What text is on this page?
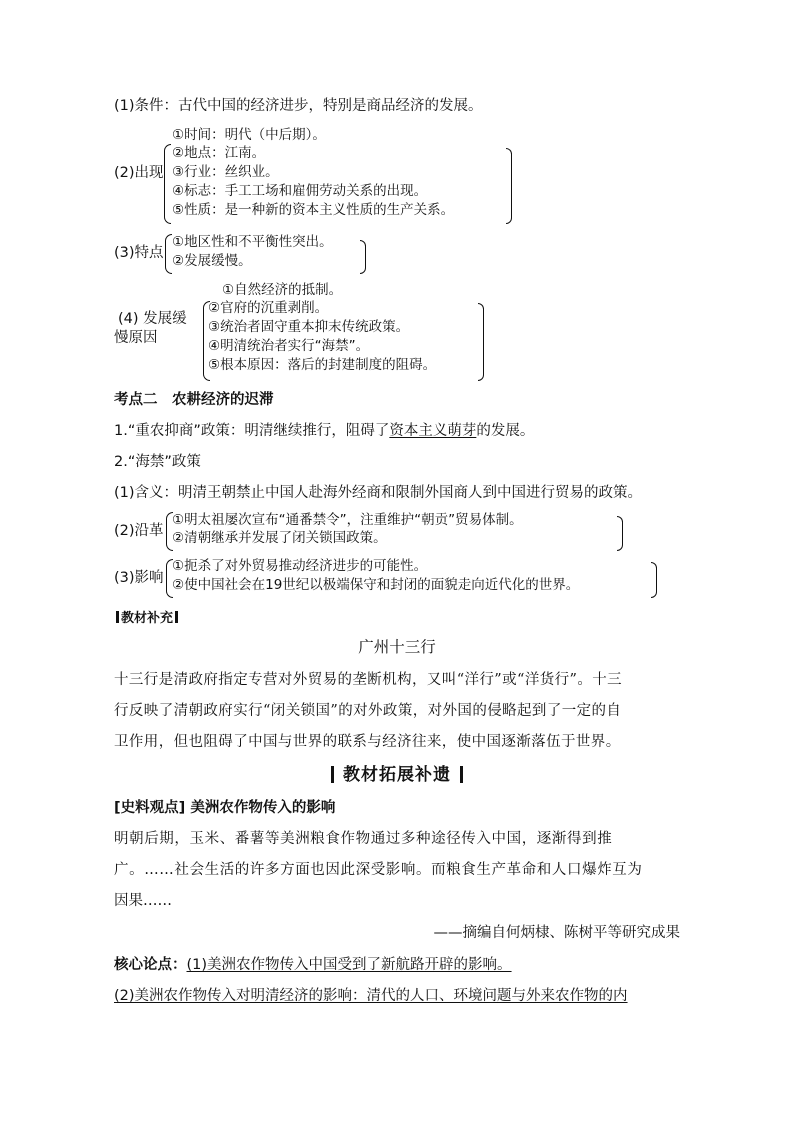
(1)条件：古代中国的经济进步，特别是商品经济的发展。
(2)出现
①时间：明代（中后期）。
②地点：江南。
③行业：丝织业。
④标志：手工工场和雇佣劳动关系的出现。
⑤性质：是一种新的资本主义性质的生产关系。
(3)特点
①地区性和不平衡性突出。
②发展缓慢。
(4) 发展缓
慢原因
①自然经济的抵制。
②官府的沉重剥削。
③统治者固守重本抑末传统政策。
④明清统治者实行“海禁”。
⑤根本原因：落后的封建制度的阻碍。
考点二　农耕经济的迟滞
1.“重农抑商”政策：明清继续推行，阻碍了资本主义萌芽的发展。
2.“海禁”政策
(1)含义：明清王朝禁止中国人赴海外经商和限制外国商人到中国进行贸易的政策。
(2)沿革
①明太祖屡次宣布“通番禁令”，注重维护“朝贡”贸易体制。
②清朝继承并发展了闭关锁国政策。
(3)影响
①扼杀了对外贸易推动经济进步的可能性。
②使中国社会在19世纪以极端保守和封闭的面貌走向近代化的世界。
教材补充
广州十三行
十三行是清政府指定专营对外贸易的垄断机构，又叫“洋行”或“洋货行”。十三
行反映了清朝政府实行“闭关锁国”的对外政策，对外国的侵略起到了一定的自
卫作用，但也阻碍了中国与世界的联系与经济往来，使中国逐渐落伍于世界。
教材拓展补遗
[史料观点] 美洲农作物传入的影响
明朝后期，玉米、番薯等美洲粮食作物通过多种途径传入中国，逐渐得到推
广。……社会生活的许多方面也因此深受影响。而粮食生产革命和人口爆炸互为
因果……
——摘编自何炳棣、陈树平等研究成果
核心论点：(1)美洲农作物传入中国受到了新航路开辟的影响。
(2)美洲农作物传入对明清经济的影响：清代的人口、环境问题与外来农作物的内
